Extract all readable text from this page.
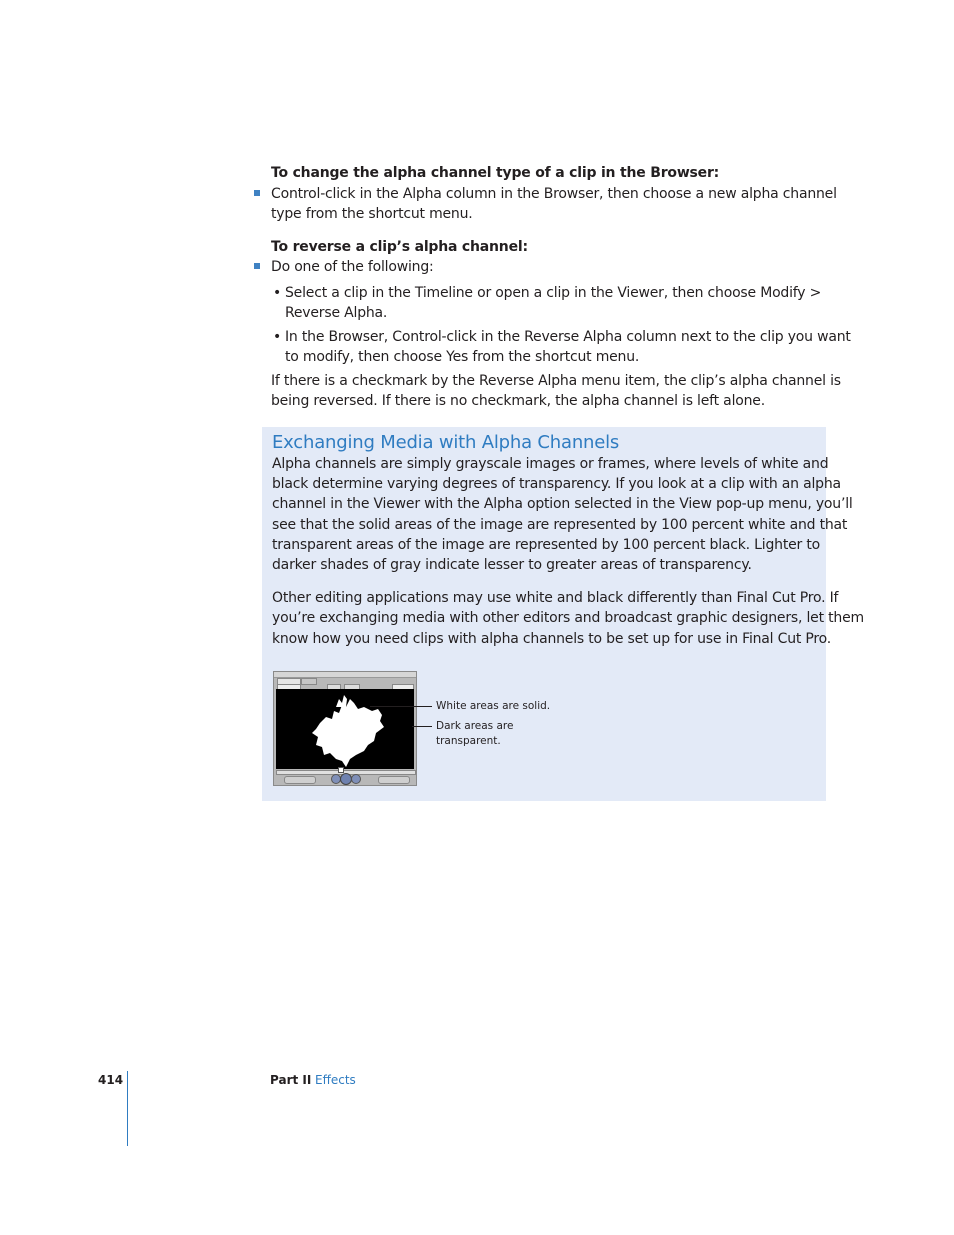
To change the alpha channel type of a clip in the Browser:
Control-click in the Alpha column in the Browser, then choose a new alpha channel
type from the shortcut menu.
To reverse a clip’s alpha channel:
Do one of the following:
• Select a clip in the Timeline or open a clip in the Viewer, then choose Modify >
Reverse Alpha.
• In the Browser, Control-click in the Reverse Alpha column next to the clip you want
to modify, then choose Yes from the shortcut menu.
If there is a checkmark by the Reverse Alpha menu item, the clip’s alpha channel is
being reversed. If there is no checkmark, the alpha channel is left alone.
Exchanging Media with Alpha Channels
Alpha channels are simply grayscale images or frames, where levels of white and
black determine varying degrees of transparency. If you look at a clip with an alpha
channel in the Viewer with the Alpha option selected in the View pop-up menu, you’ll
see that the solid areas of the image are represented by 100 percent white and that
transparent areas of the image are represented by 100 percent black. Lighter to
darker shades of gray indicate lesser to greater areas of transparency.
Other editing applications may use white and black differently than Final Cut Pro. If
you’re exchanging media with other editors and broadcast graphic designers, let them
know how you need clips with alpha channels to be set up for use in Final Cut Pro.
White areas are solid.
Dark areas are
transparent.
414	Part II Effects
